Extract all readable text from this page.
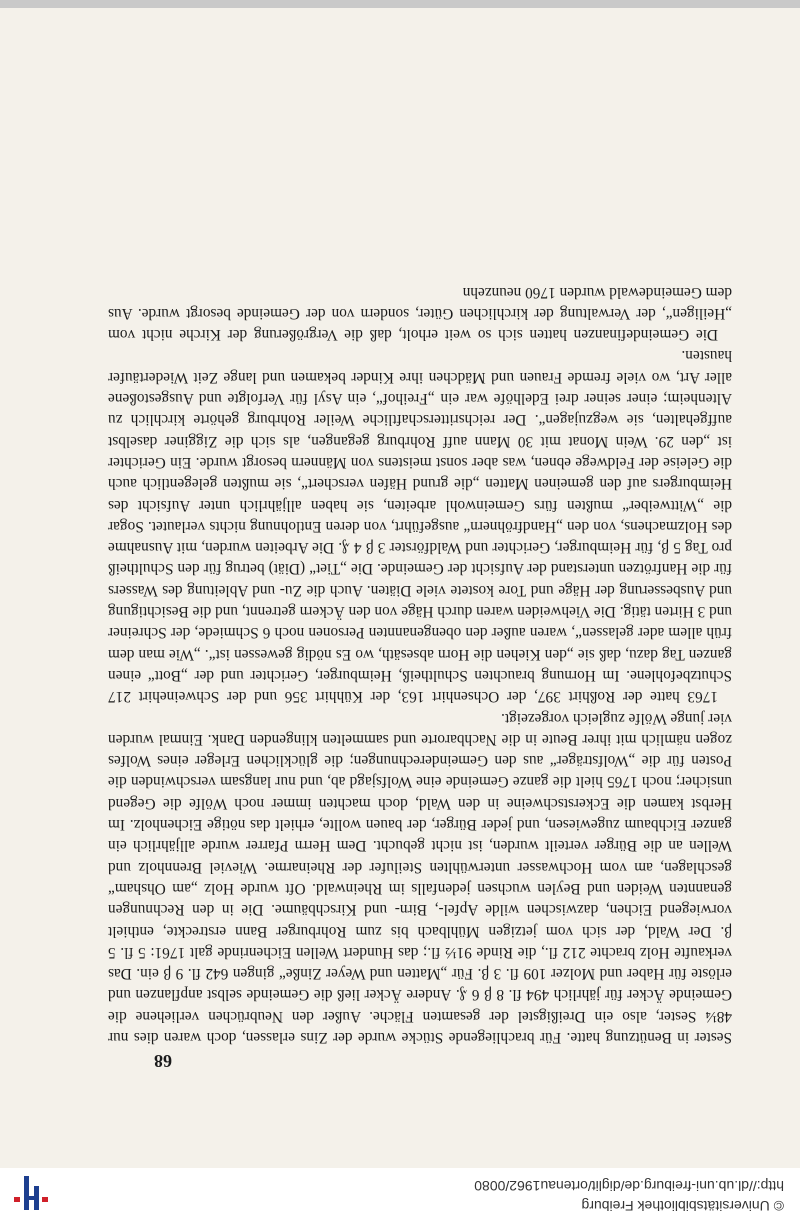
© Universitätsbibliothek Freiburg
http://dl.ub.uni-freiburg.de/diglit/ortenau1962/0080
68

Sester in Benützung hatte. Für brachliegende Stücke wurde der Zins erlassen, doch waren dies nur 48¼ Sester, also ein Dreißigstel der gesamten Fläche. Außer den Neubrüchen verliehene die Gemeinde Äcker für jährlich 494 fl. 8 β 6 ₰. Andere Äcker ließ die Gemeinde selbst anpflanzen und erlöste für Haber und Molzer 109 fl. 3 β. Für „Matten und Weyer Zinße“ gingen 642 fl. 9 β ein. Das verkaufte Holz brachte 212 fl., die Rinde 91½ fl.; das Hundert Wellen Eichenrinde galt 1761: 5 fl. 5 β. Der Wald, der sich vom jetzigen Mühlbach bis zum Rohrburger Bann erstreckte, enthielt vorwiegend Eichen, dazwischen wilde Apfel-, Birn- und Kirschbäume. Die in den Rechnungen genannten Weiden und Beylen wuchsen jedenfalls im Rheinwald. Oft wurde Holz „am Ohsham“ geschlagen, am vom Hochwasser unterwühlten Steilufer der Rheinarme. Wieviel Brennholz und Wellen an die Bürger verteilt wurden, ist nicht gebucht. Dem Herrn Pfarrer wurde alljährlich ein ganzer Eichbaum zugewiesen, und jeder Bürger, der bauen wollte, erhielt das nötige Eichenholz. Im Herbst kamen die Eckerstschweine in den Wald, doch machten immer noch Wölfe die Gegend unsicher; noch 1765 hielt die ganze Gemeinde eine Wolfsjagd ab, und nur langsam verschwinden die Posten für die „Wolfsträger“ aus den Gemeinderechnungen; die glücklichen Erleger eines Wolfes zogen nämlich mit ihrer Beute in die Nachbarorte und sammelten klingenden Dank. Einmal wurden vier junge Wölfe zugleich vorgezeigt.

1763 hatte der Roßhirt 397, der Ochsenhirt 163, der Kühhirt 356 und der Schweinehirt 217 Schutzbefohlene. Im Hornung brauchten Schultheiß, Heimburger, Gerichter und der „Bott“ einen ganzen Tag dazu, daß sie „den Kiehen die Horn absesäth, wo Es nödig gewessen ist“. „Wie man dem früh allem ader gelassen“, waren außer den obengenannten Personen noch 6 Schmiede, der Schreiner und 3 Hirten tätig. Die Viehweiden waren durch Häge von den Äckern getrennt, und die Besichtigung und Ausbesserung der Häge und Tore kostete viele Diäten. Auch die Zu- und Ableitung des Wassers für die Hanfrötzen unterstand der Aufsicht der Gemeinde. Die „Tiet“ (Diät) betrug für den Schultheiß pro Tag 5 β, für Heimburger, Gerichter und Waldförster 3 β 4 ₰. Die Arbeiten wurden, mit Ausnahme des Holzmachens, von den „Handfröhnern“ ausgeführt, von deren Entlohnung nichts verlautet. Sogar die „Wittweiber“ mußten fürs Gemeinwohl arbeiten, sie haben alljährlich unter Aufsicht des Heimburgers auf den gemeinen Matten „die grund Häfen verschert“, sie mußten gelegentlich auch die Geleise der Feldwege ebnen, was aber sonst meistens von Männern besorgt wurde. Ein Gerichter ist „den 29. Wein Monat mit 30 Mann auff Rohrburg gegangen, als sich die Zigginer daselbst auffgehalten, sie wegzujagen“. Der reichsritterschaftliche Weiler Rohrburg gehörte kirchlich zu Altenheim; einer seiner drei Edelhöfe war ein „Freihof“, ein Asyl für Verfolgte und Ausgestoßene aller Art, wo viele fremde Frauen und Mädchen ihre Kinder bekamen und lange Zeit Wiedertäufer hausten.

Die Gemeindefinanzen hatten sich so weit erholt, daß die Vergrößerung der Kirche nicht vom „Heiligen“, der Verwaltung der kirchlichen Güter, sondern von der Gemeinde besorgt wurde. Aus dem Gemeindewald wurden 1760 neunzehn
